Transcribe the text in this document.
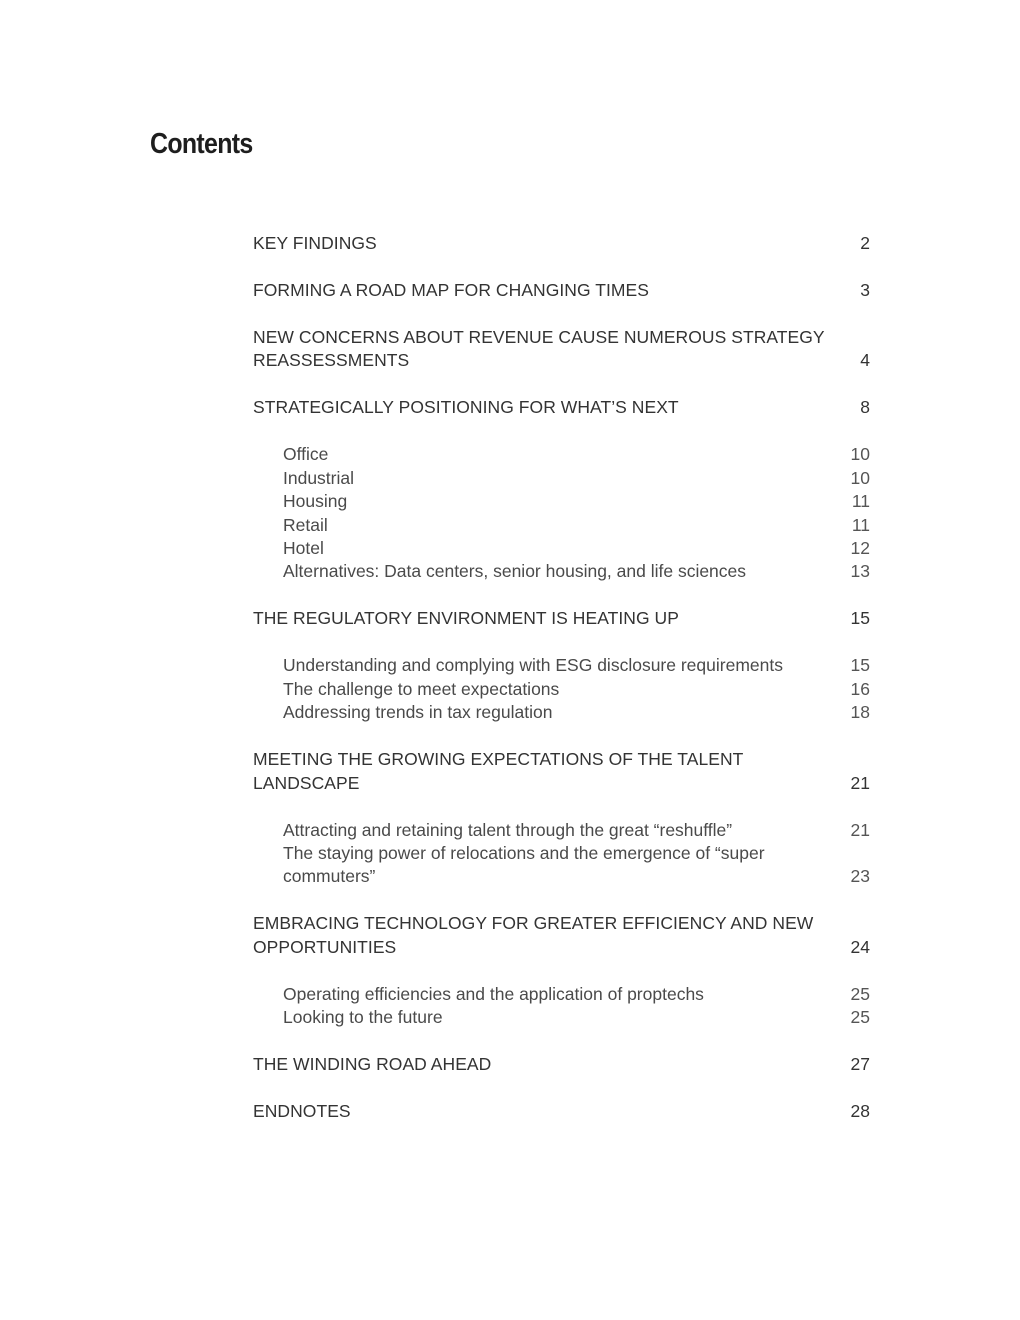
Contents
KEY FINDINGS	2
FORMING A ROAD MAP FOR CHANGING TIMES	3
NEW CONCERNS ABOUT REVENUE CAUSE NUMEROUS STRATEGY REASSESSMENTS	4
STRATEGICALLY POSITIONING FOR WHAT’S NEXT	8
Office	10
Industrial	10
Housing	11
Retail	11
Hotel	12
Alternatives: Data centers, senior housing, and life sciences	13
THE REGULATORY ENVIRONMENT IS HEATING UP	15
Understanding and complying with ESG disclosure requirements	15
The challenge to meet expectations	16
Addressing trends in tax regulation	18
MEETING THE GROWING EXPECTATIONS OF THE TALENT LANDSCAPE	21
Attracting and retaining talent through the great “reshuffle”	21
The staying power of relocations and the emergence of “super commuters”	23
EMBRACING TECHNOLOGY FOR GREATER EFFICIENCY AND NEW OPPORTUNITIES	24
Operating efficiencies and the application of proptechs	25
Looking to the future	25
THE WINDING ROAD AHEAD	27
ENDNOTES	28
